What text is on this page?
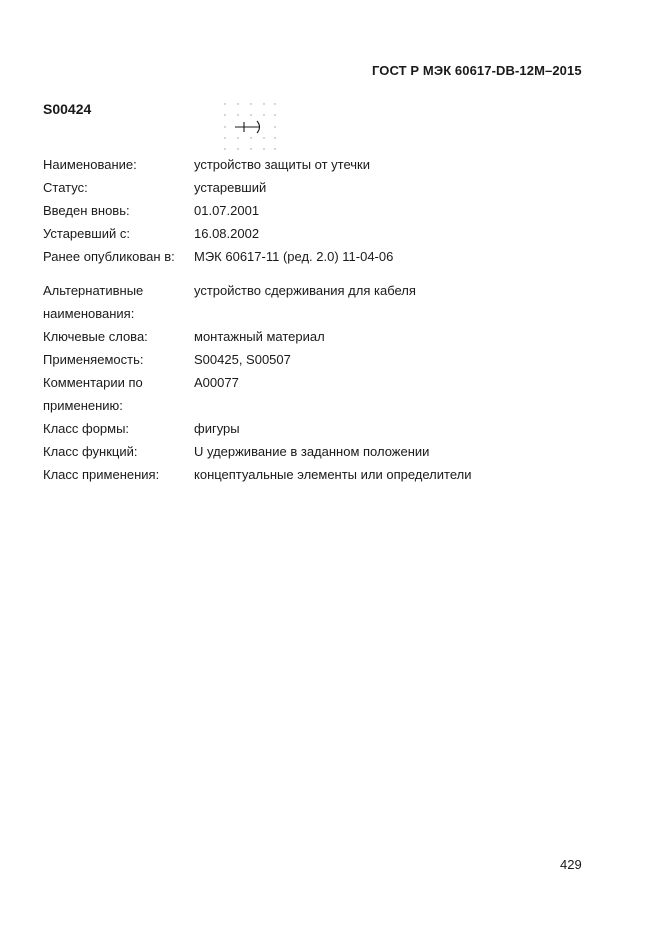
ГОСТ Р МЭК 60617-DB-12M–2015
S00424
Наименование:	устройство защиты от утечки
Статус:	устаревший
Введен вновь:	01.07.2001
Устаревший с:	16.08.2002
Ранее опубликован в:	МЭК 60617-11 (ред. 2.0) 11-04-06
Альтернативные наименования:	устройство сдерживания для кабеля
Ключевые слова:	монтажный материал
Применяемость:	S00425, S00507
Комментарии по применению:	A00077
Класс формы:	фигуры
Класс функций:	U удерживание в заданном положении
Класс применения:	концептуальные элементы или определители
429
